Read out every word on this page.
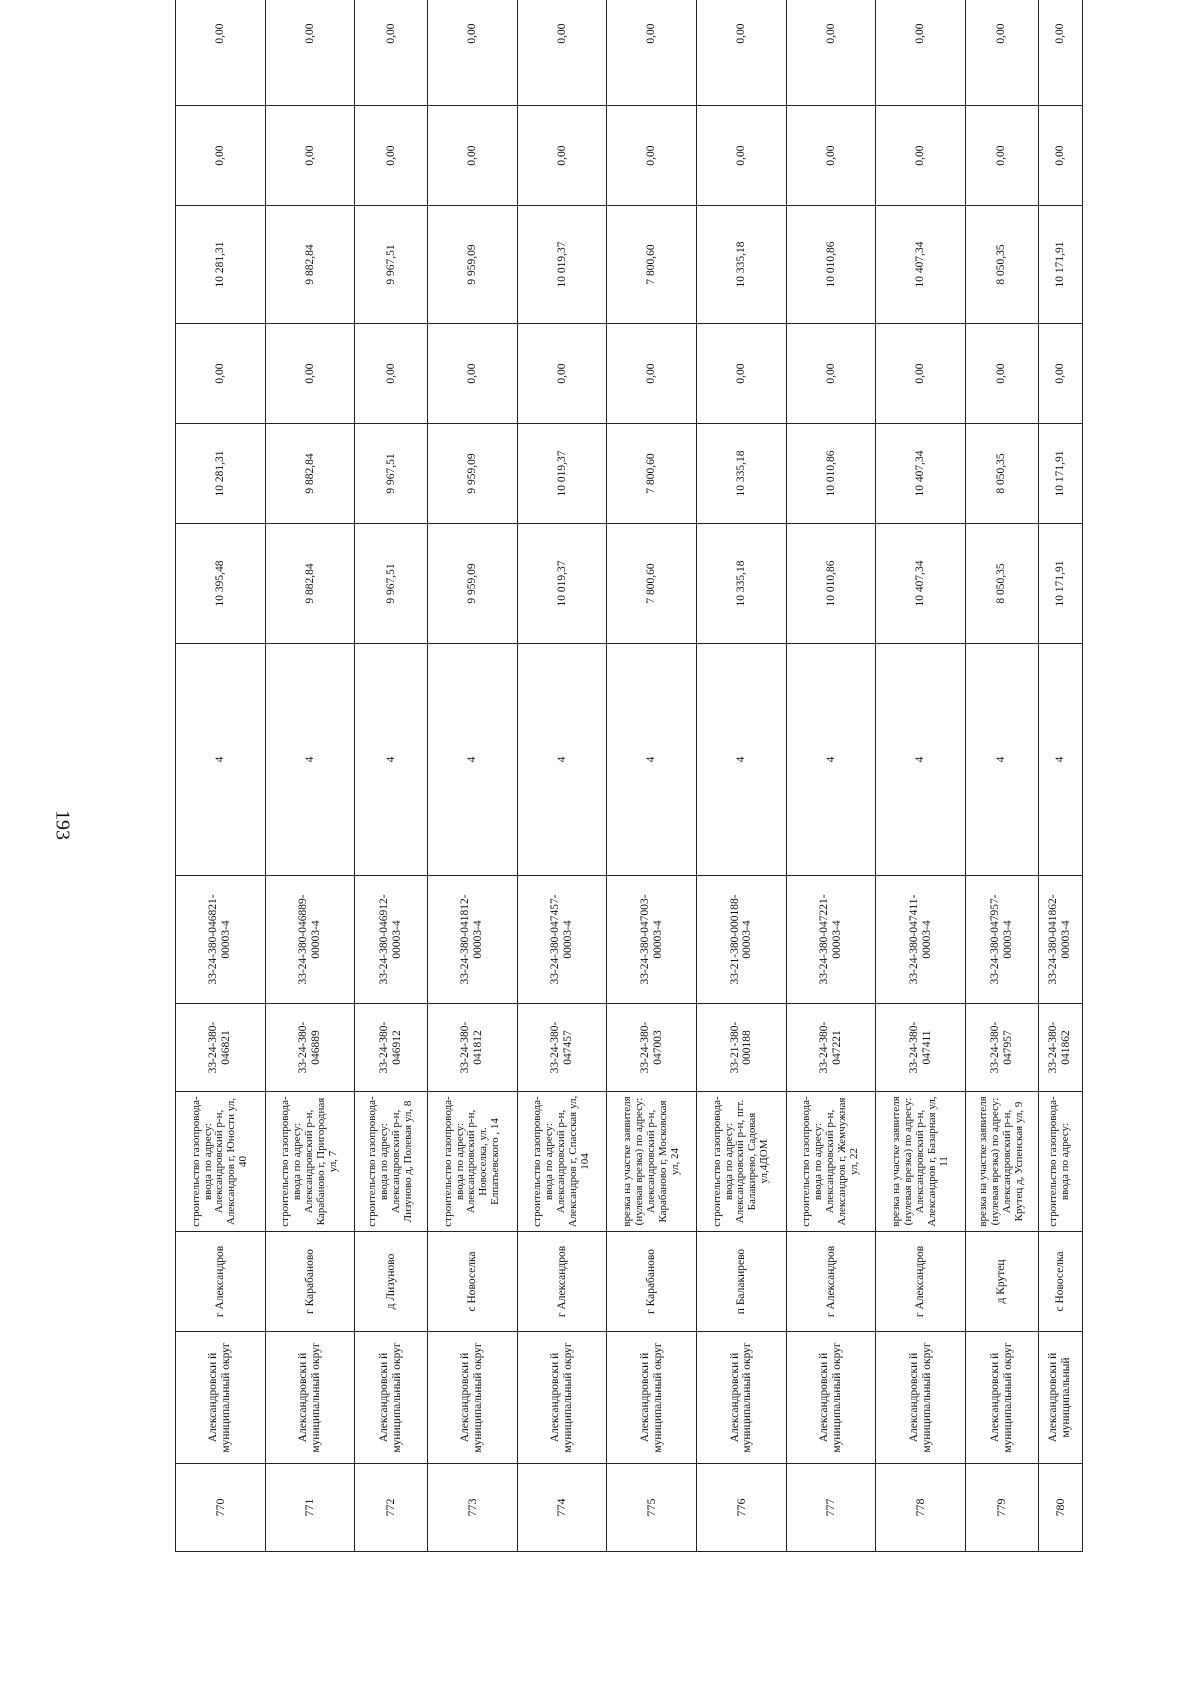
193
770	Александровски й муниципальный округ	г Александров	строительство газопровода-ввода по адресу: Александровский р-н, Александров г, Юности ул, 40	33-24-380-046821	33-24-380-046821-00003-4	4	10 395,48	10 281,31	0,00	10 281,31	0,00	0,00
771	Александровски й муниципальный округ	г Карабаново	строительство газопровода-ввода по адресу: Александровский р-н, Карабаново г, Пригородная ул, 7	33-24-380-046889	33-24-380-046889-00003-4	4	9 882,84	9 882,84	0,00	9 882,84	0,00	0,00
772	Александровски й муниципальный округ	д Лизуново	строительство газопровода-ввода по адресу: Александровский р-н, Лизуново д, Полевая ул, 8	33-24-380-046912	33-24-380-046912-00003-4	4	9 967,51	9 967,51	0,00	9 967,51	0,00	0,00
773	Александровски й муниципальный округ	с Новоселка	строительство газопровода-ввода по адресу: Александровский р-н, Новоселка, ул. Елпатьевского , 14	33-24-380-041812	33-24-380-041812-00003-4	4	9 959,09	9 959,09	0,00	9 959,09	0,00	0,00
774	Александровски й муниципальный округ	г Александров	строительство газопровода-ввода по адресу: Александровский р-н, Александров г, Спасская ул, 104	33-24-380-047457	33-24-380-047457-00003-4	4	10 019,37	10 019,37	0,00	10 019,37	0,00	0,00
775	Александровски й муниципальный округ	г Карабаново	врезка на участке заявителя (нулевая врезка) по адресу: Александровский р-н, Карабаново г, Московская ул, 24	33-24-380-047003	33-24-380-047003-00003-4	4	7 800,60	7 800,60	0,00	7 800,60	0,00	0,00
776	Александровски й муниципальный округ	п Балакирево	строительство газопровода-ввода по адресу: Александровский р-н, пгт. Балакирево, Садовая ул,4ДОМ	33-21-380-000188	33-21-380-000188-00003-4	4	10 335,18	10 335,18	0,00	10 335,18	0,00	0,00
777	Александровски й муниципальный округ	г Александров	строительство газопровода-ввода по адресу: Александровский р-н, Александров г, Жемчужная ул, 22	33-24-380-047221	33-24-380-047221-00003-4	4	10 010,86	10 010,86	0,00	10 010,86	0,00	0,00
778	Александровски й муниципальный округ	г Александров	врезка на участке заявителя (нулевая врезка) по адресу: Александровский р-н, Александров г, Базарная ул, 11	33-24-380-047411	33-24-380-047411-00003-4	4	10 407,34	10 407,34	0,00	10 407,34	0,00	0,00
779	Александровски й муниципальный округ	д Крутец	врезка на участке заявителя (нулевая врезка) по адресу: Александровский р-н, Крутец д, Успенская ул, 9	33-24-380-047957	33-24-380-047957-00003-4	4	8 050,35	8 050,35	0,00	8 050,35	0,00	0,00
780	Александровски й муниципальный	с Новоселка	строительство газопровода-ввода по адресу:	33-24-380-041862	33-24-380-041862-00003-4	4	10 171,91	10 171,91	0,00	10 171,91	0,00	0,00
